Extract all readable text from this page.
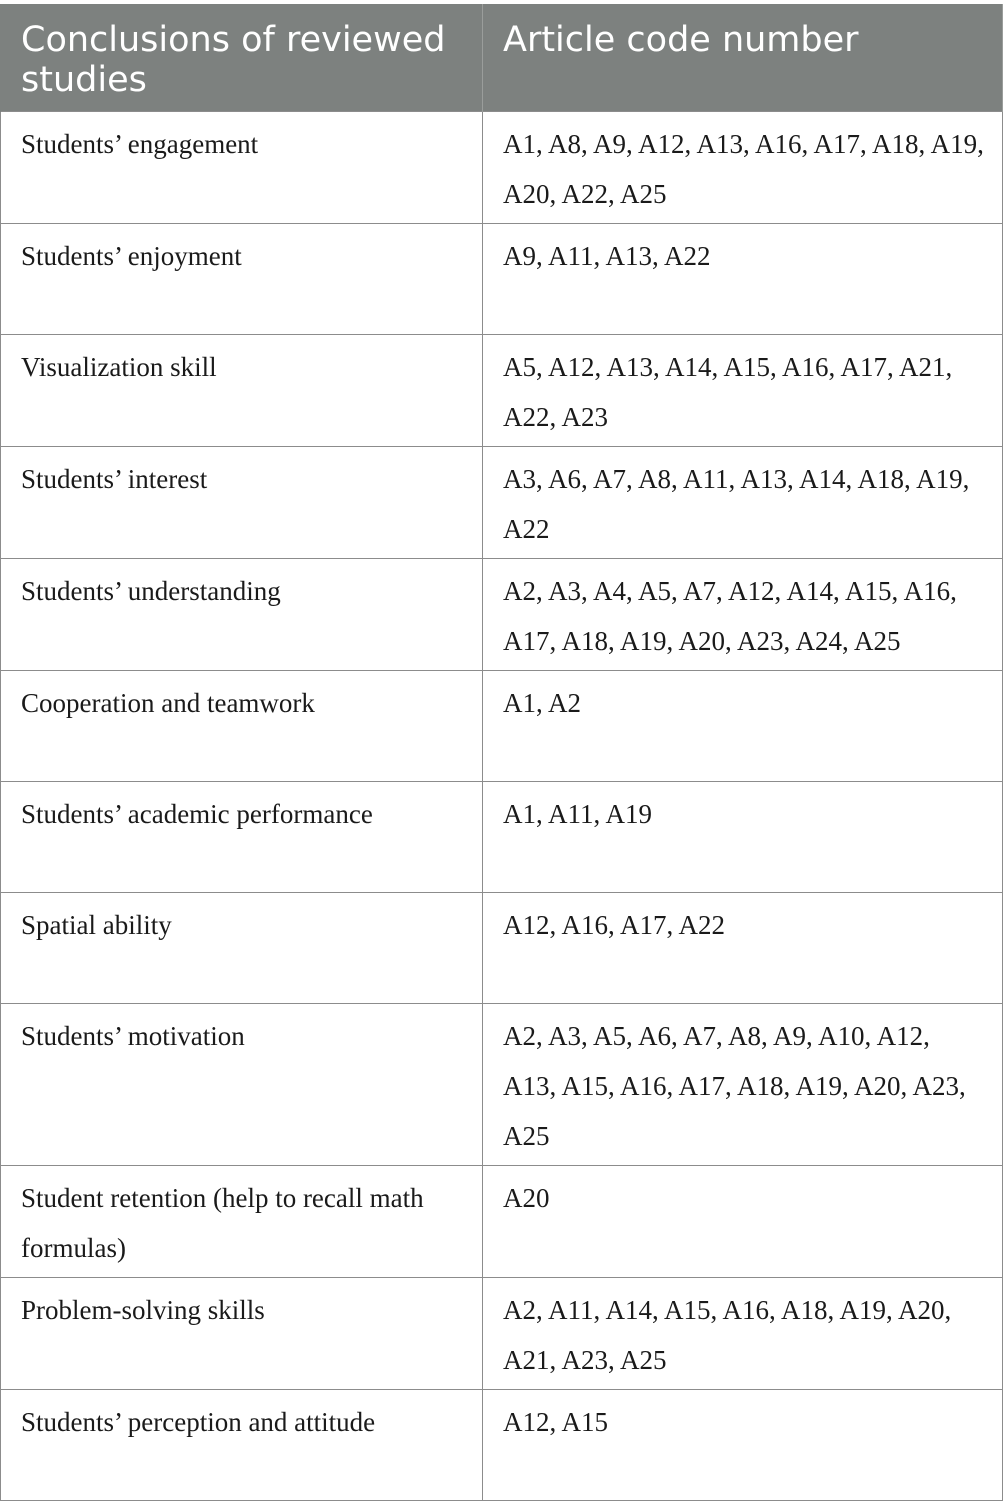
Conclusions of reviewed studies	Article code number
Students’ engagement	A1, A8, A9, A12, A13, A16, A17, A18, A19, A20, A22, A25
Students’ enjoyment	A9, A11, A13, A22
Visualization skill	A5, A12, A13, A14, A15, A16, A17, A21, A22, A23
Students’ interest	A3, A6, A7, A8, A11, A13, A14, A18, A19, A22
Students’ understanding	A2, A3, A4, A5, A7, A12, A14, A15, A16, A17, A18, A19, A20, A23, A24, A25
Cooperation and teamwork	A1, A2
Students’ academic performance	A1, A11, A19
Spatial ability	A12, A16, A17, A22
Students’ motivation	A2, A3, A5, A6, A7, A8, A9, A10, A12, A13, A15, A16, A17, A18, A19, A20, A23, A25
Student retention (help to recall math formulas)	A20
Problem-solving skills	A2, A11, A14, A15, A16, A18, A19, A20, A21, A23, A25
Students’ perception and attitude	A12, A15
